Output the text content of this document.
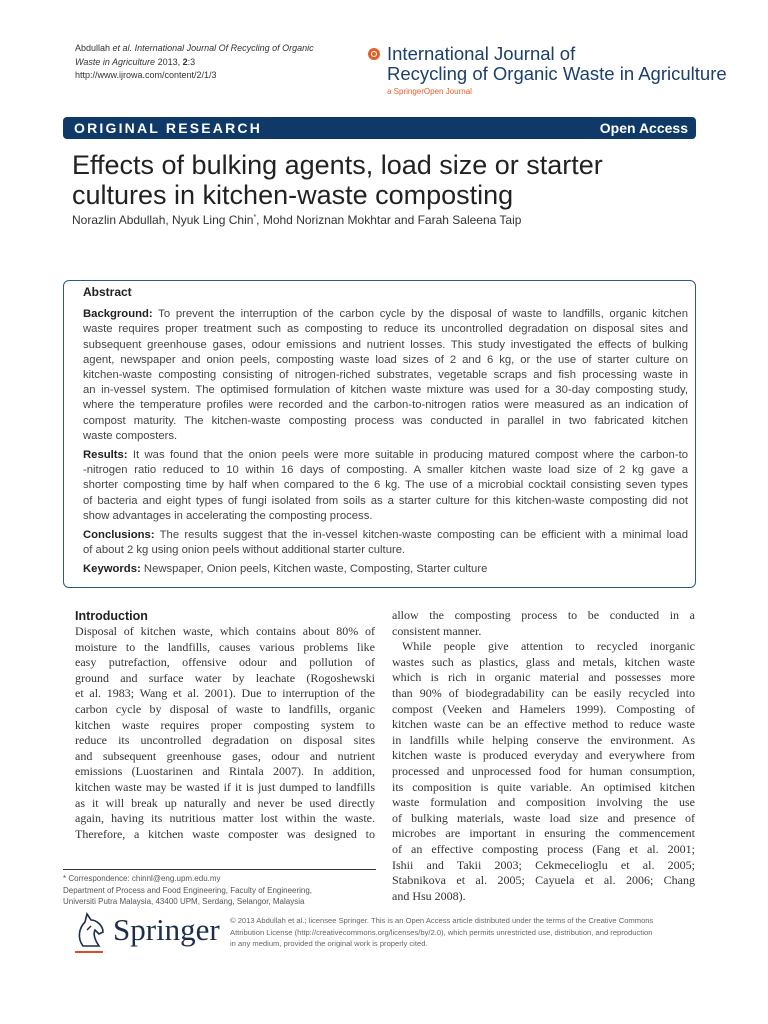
Abdullah et al. International Journal Of Recycling of Organic
Waste in Agriculture 2013, 2:3
http://www.ijrowa.com/content/2/1/3
International Journal of
Recycling of Organic Waste in Agriculture
a SpringerOpen Journal
ORIGINAL RESEARCH	Open Access
Effects of bulking agents, load size or starter
cultures in kitchen-waste composting
Norazlin Abdullah, Nyuk Ling Chin*, Mohd Noriznan Mokhtar and Farah Saleena Taip
Abstract
Background: To prevent the interruption of the carbon cycle by the disposal of waste to landfills, organic kitchen
waste requires proper treatment such as composting to reduce its uncontrolled degradation on disposal sites and
subsequent greenhouse gases, odour emissions and nutrient losses. This study investigated the effects of bulking
agent, newspaper and onion peels, composting waste load sizes of 2 and 6 kg, or the use of starter culture on
kitchen-waste composting consisting of nitrogen-riched substrates, vegetable scraps and fish processing waste in
an in-vessel system. The optimised formulation of kitchen waste mixture was used for a 30-day composting study,
where the temperature profiles were recorded and the carbon-to-nitrogen ratios were measured as an indication of
compost maturity. The kitchen-waste composting process was conducted in parallel in two fabricated kitchen
waste composters.
Results: It was found that the onion peels were more suitable in producing matured compost where the carbon-to
-nitrogen ratio reduced to 10 within 16 days of composting. A smaller kitchen waste load size of 2 kg gave a
shorter composting time by half when compared to the 6 kg. The use of a microbial cocktail consisting seven types
of bacteria and eight types of fungi isolated from soils as a starter culture for this kitchen-waste composting did not
show advantages in accelerating the composting process.
Conclusions: The results suggest that the in-vessel kitchen-waste composting can be efficient with a minimal load
of about 2 kg using onion peels without additional starter culture.
Keywords: Newspaper, Onion peels, Kitchen waste, Composting, Starter culture
Introduction
Disposal of kitchen waste, which contains about 80% of
moisture to the landfills, causes various problems like
easy putrefaction, offensive odour and pollution of
ground and surface water by leachate (Rogoshewski
et al. 1983; Wang et al. 2001). Due to interruption of the
carbon cycle by disposal of waste to landfills, organic
kitchen waste requires proper composting system to
reduce its uncontrolled degradation on disposal sites
and subsequent greenhouse gases, odour and nutrient
emissions (Luostarinen and Rintala 2007). In addition,
kitchen waste may be wasted if it is just dumped to landfills
as it will break up naturally and never be used directly
again, having its nutritious matter lost within the waste.
Therefore, a kitchen waste composter was designed to
allow the composting process to be conducted in a
consistent manner.
While people give attention to recycled inorganic
wastes such as plastics, glass and metals, kitchen waste
which is rich in organic material and possesses more
than 90% of biodegradability can be easily recycled into
compost (Veeken and Hamelers 1999). Composting of
kitchen waste can be an effective method to reduce waste
in landfills while helping conserve the environment. As
kitchen waste is produced everyday and everywhere from
processed and unprocessed food for human consumption,
its composition is quite variable. An optimised kitchen
waste formulation and composition involving the use
of bulking materials, waste load size and presence of
microbes are important in ensuring the commencement
of an effective composting process (Fang et al. 2001;
Ishii and Takii 2003; Cekmecelioglu et al. 2005;
Stabnikova et al. 2005; Cayuela et al. 2006; Chang
and Hsu 2008).
* Correspondence: chinnl@eng.upm.edu.my
Department of Process and Food Engineering, Faculty of Engineering,
Universiti Putra Malaysia, 43400 UPM, Serdang, Selangor, Malaysia
Springer © 2013 Abdullah et al.; licensee Springer. This is an Open Access article distributed under the terms of the Creative Commons
Attribution License (http://creativecommons.org/licenses/by/2.0), which permits unrestricted use, distribution, and reproduction
in any medium, provided the original work is properly cited.
